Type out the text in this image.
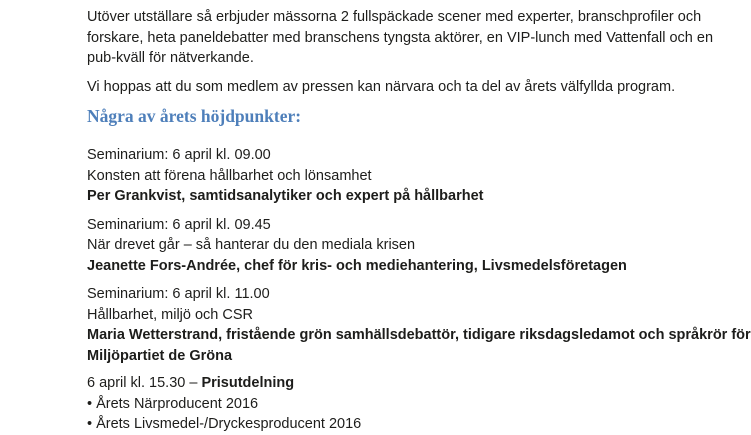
Utöver utställare så erbjuder mässorna 2 fullspäckade scener med experter, branschprofiler och
forskare, heta paneldebatter med branschens tyngsta aktörer, en VIP-lunch med Vattenfall och en
pub-kväll för nätverkande.
Vi hoppas att du som medlem av pressen kan närvara och ta del av årets välfyllda program.
Några av årets höjdpunkter:
Seminarium: 6 april kl. 09.00
Konsten att förena hållbarhet och lönsamhet
Per Grankvist, samtidsanalytiker och expert på hållbarhet
Seminarium: 6 april kl. 09.45
När drevet går – så hanterar du den mediala krisen
Jeanette Fors-Andrée, chef för kris- och mediehantering, Livsmedelsföretagen
Seminarium: 6 april kl. 11.00
Hållbarhet, miljö och CSR
Maria Wetterstrand, fristående grön samhällsdebattör, tidigare riksdagsledamot och språkrör för
Miljöpartiet de Gröna
6 april kl. 15.30 – Prisutdelning
• Årets Närproducent 2016
• Årets Livsmedel-/Dryckesproducent 2016
